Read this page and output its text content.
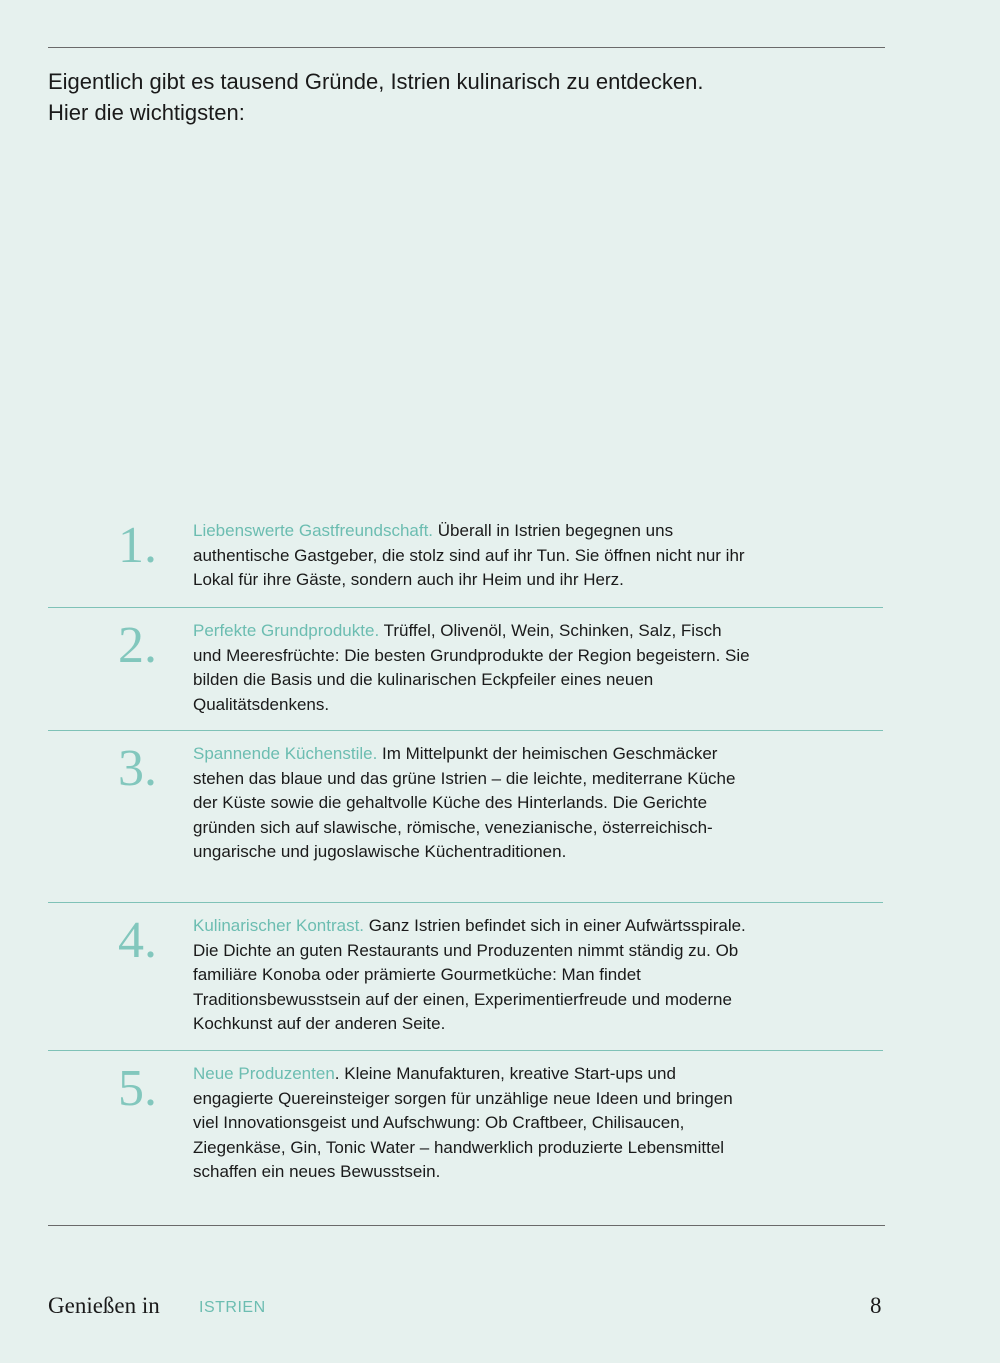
Eigentlich gibt es tausend Gründe, Istrien kulinarisch zu entdecken. Hier die wichtigsten:

1.	Liebenswerte Gastfreundschaft. Überall in Istrien begegnen uns authentische Gastgeber, die stolz sind auf ihr Tun. Sie öffnen nicht nur ihr Lokal für ihre Gäste, sondern auch ihr Heim und ihr Herz.

2.	Perfekte Grundprodukte. Trüffel, Olivenöl, Wein, Schinken, Salz, Fisch und Meeresfrüchte: Die besten Grundprodukte der Region begeistern. Sie bilden die Basis und die kulinarischen Eckpfeiler eines neuen Qualitätsdenkens.

3.	Spannende Küchenstile. Im Mittelpunkt der heimischen Geschmäcker stehen das blaue und das grüne Istrien – die leichte, mediterrane Küche der Küste sowie die gehaltvolle Küche des Hinterlands. Die Gerichte gründen sich auf slawische, römische, venezianische, österreichisch-ungarische und jugoslawische Küchentraditionen.

4.	Kulinarischer Kontrast. Ganz Istrien befindet sich in einer Aufwärtsspirale. Die Dichte an guten Restaurants und Produzenten nimmt ständig zu. Ob familiäre Konoba oder prämierte Gourmetküche: Man findet Traditionsbewusstsein auf der einen, Experimentierfreude und moderne Kochkunst auf der anderen Seite.

5.	Neue Produzenten. Kleine Manufakturen, kreative Start-ups und engagierte Quereinsteiger sorgen für unzählige neue Ideen und bringen viel Innovationsgeist und Aufschwung: Ob Craftbeer, Chilisaucen, Ziegenkäse, Gin, Tonic Water – handwerklich produzierte Lebensmittel schaffen ein neues Bewusstsein.

Genießen in ISTRIEN	8
